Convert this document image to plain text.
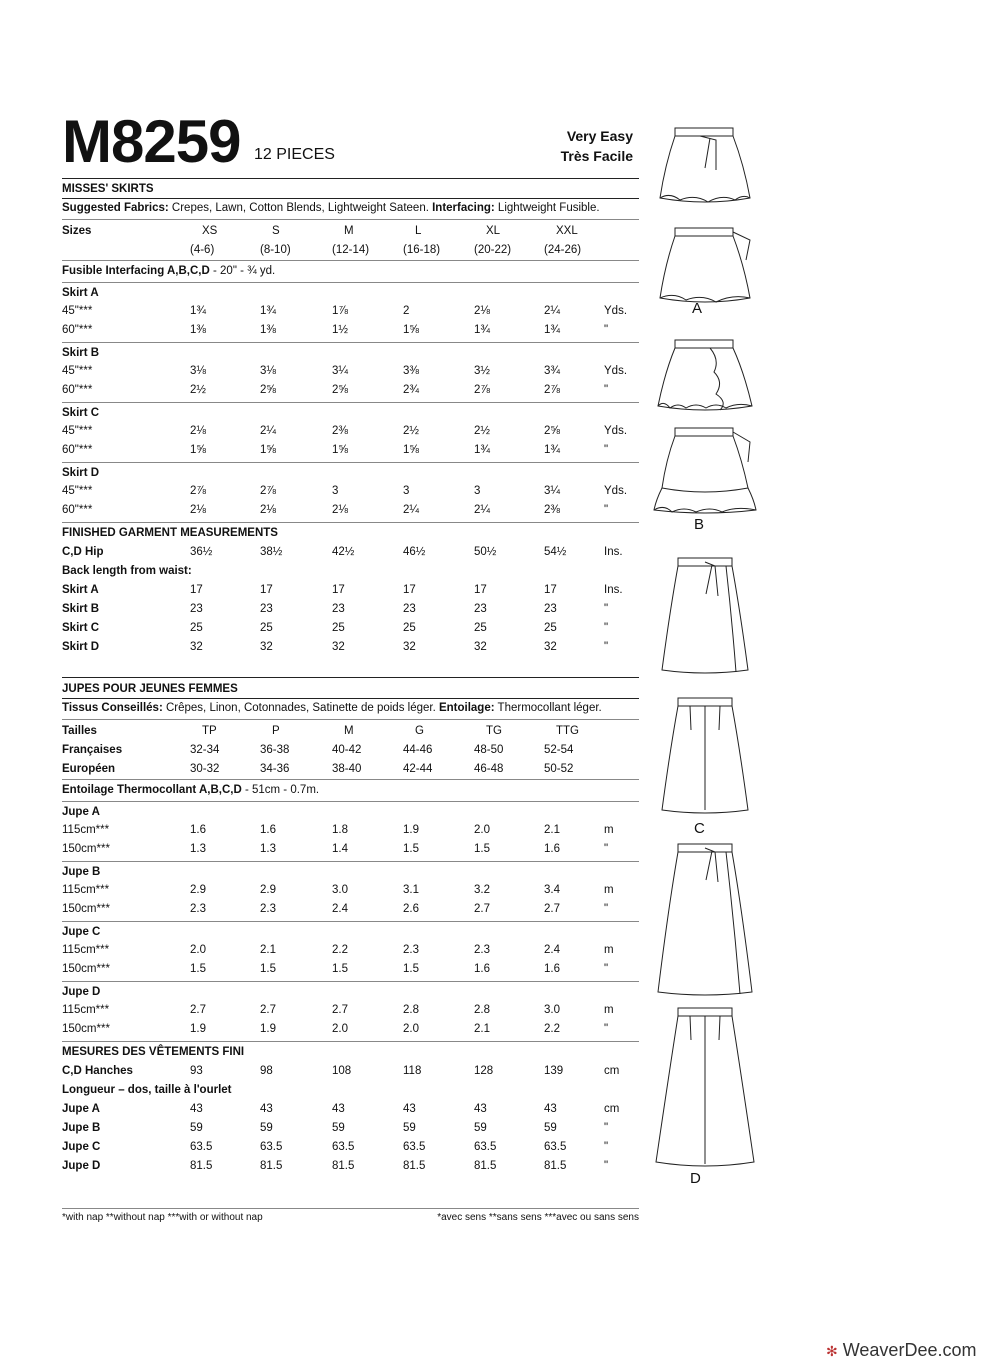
M8259 12 PIECES
Very Easy
Très Facile
MISSES' SKIRTS
Suggested Fabrics: Crepes, Lawn, Cotton Blends, Lightweight Sateen. Interfacing: Lightweight Fusible.
Sizes	XS	S	M	L	XL	XXL
(4-6)	(8-10)	(12-14)	(16-18)	(20-22)	(24-26)
Fusible Interfacing A,B,C,D - 20" - ¾ yd.
Skirt A
45"***	1¾	1¾	1⅞	2	2⅛	2¼	Yds.
60"***	1⅜	1⅜	1½	1⅝	1¾	1¾	"
Skirt B
45"***	3⅛	3⅛	3¼	3⅜	3½	3¾	Yds.
60"***	2½	2⅝	2⅝	2¾	2⅞	2⅞	"
Skirt C
45"***	2⅛	2¼	2⅜	2½	2½	2⅝	Yds.
60"***	1⅝	1⅝	1⅝	1⅝	1¾	1¾	"
Skirt D
45"***	2⅞	2⅞	3	3	3	3¼	Yds.
60"***	2⅛	2⅛	2⅛	2¼	2¼	2⅜	"
FINISHED GARMENT MEASUREMENTS
C,D Hip	36½	38½	42½	46½	50½	54½	Ins.
Back length from waist:
Skirt A	17	17	17	17	17	17	Ins.
Skirt B	23	23	23	23	23	23	"
Skirt C	25	25	25	25	25	25	"
Skirt D	32	32	32	32	32	32	"
JUPES POUR JEUNES FEMMES
Tissus Conseillés: Crêpes, Linon, Cotonnades, Satinette de poids léger. Entoilage: Thermocollant léger.
Tailles	TP	P	M	G	TG	TTG
Françaises	32-34	36-38	40-42	44-46	48-50	52-54
Européen	30-32	34-36	38-40	42-44	46-48	50-52
Entoilage Thermocollant A,B,C,D - 51cm - 0.7m.
Jupe A
115cm***	1.6	1.6	1.8	1.9	2.0	2.1	m
150cm***	1.3	1.3	1.4	1.5	1.5	1.6	"
Jupe B
115cm***	2.9	2.9	3.0	3.1	3.2	3.4	m
150cm***	2.3	2.3	2.4	2.6	2.7	2.7	"
Jupe C
115cm***	2.0	2.1	2.2	2.3	2.3	2.4	m
150cm***	1.5	1.5	1.5	1.5	1.6	1.6	"
Jupe D
115cm***	2.7	2.7	2.7	2.8	2.8	3.0	m
150cm***	1.9	1.9	2.0	2.0	2.1	2.2	"
MESURES DES VÊTEMENTS FINI
C,D Hanches	93	98	108	118	128	139	cm
Longueur – dos, taille à l'ourlet
Jupe A	43	43	43	43	43	43	cm
Jupe B	59	59	59	59	59	59	"
Jupe C	63.5	63.5	63.5	63.5	63.5	63.5	"
Jupe D	81.5	81.5	81.5	81.5	81.5	81.5	"
*with nap **without nap ***with or without nap	*avec sens **sans sens ***avec ou sans sens
A
B
C
D
✻ WeaverDee.com
